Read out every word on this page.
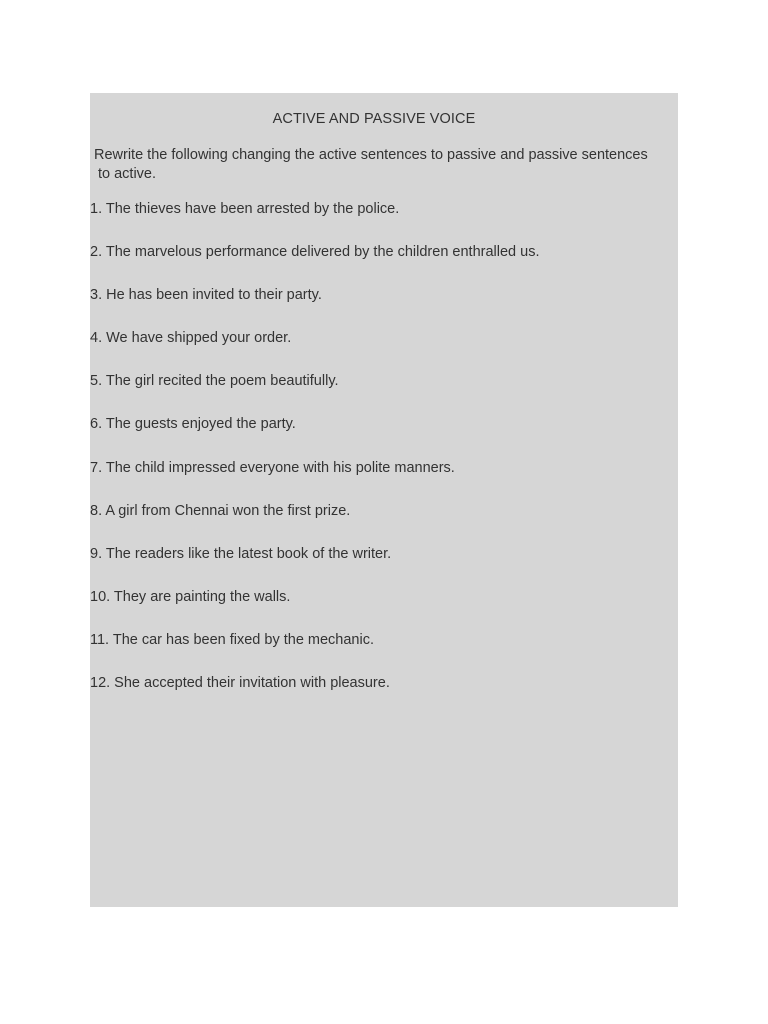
ACTIVE AND PASSIVE VOICE
Rewrite the following changing the active sentences to passive and passive sentences
to active.
1. The thieves have been arrested by the police.
2. The marvelous performance delivered by the children enthralled us.
3. He has been invited to their party.
4. We have shipped your order.
5. The girl recited the poem beautifully.
6. The guests enjoyed the party.
7. The child impressed everyone with his polite manners.
8. A girl from Chennai won the first prize.
9. The readers like the latest book of the writer.
10. They are painting the walls.
11. The car has been fixed by the mechanic.
12. She accepted their invitation with pleasure.
